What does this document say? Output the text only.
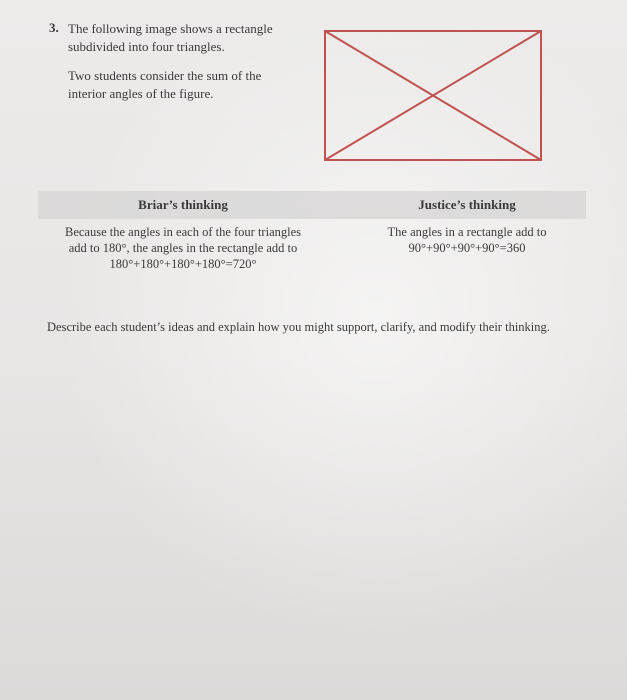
3. The following image shows a rectangle
subdivided into four triangles.
Two students consider the sum of the
interior angles of the figure.
Briar’s thinking	Justice’s thinking
Because the angles in each of the four triangles
add to 180°, the angles in the rectangle add to
180°+180°+180°+180°=720°
The angles in a rectangle add to
90°+90°+90°+90°=360
Describe each student’s ideas and explain how you might support, clarify, and modify their thinking.
